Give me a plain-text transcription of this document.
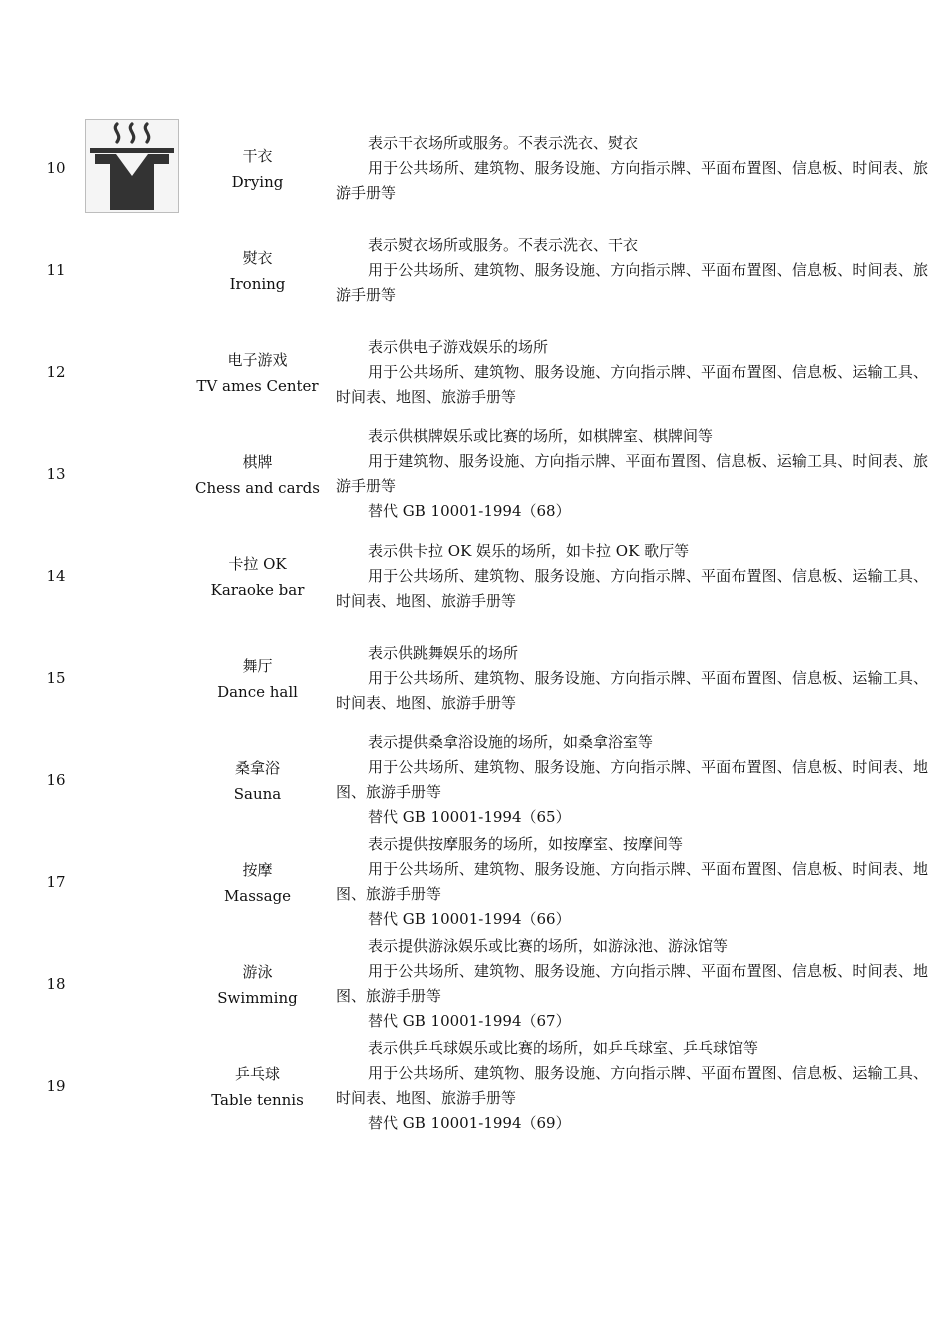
10
干衣
Drying

表示干衣场所或服务。不表示洗衣、熨衣

用于公共场所、建筑物、服务设施、方向指示牌、平面布置图、信息板、时间表、旅游手册等

11
熨衣
Ironing

表示熨衣场所或服务。不表示洗衣、干衣

用于公共场所、建筑物、服务设施、方向指示牌、平面布置图、信息板、时间表、旅游手册等

12
电子游戏
TV ames Center

表示供电子游戏娱乐的场所

用于公共场所、建筑物、服务设施、方向指示牌、平面布置图、信息板、运输工具、时间表、地图、旅游手册等

13
棋牌
Chess and cards

表示供棋牌娱乐或比赛的场所，如棋牌室、棋牌间等

用于建筑物、服务设施、方向指示牌、平面布置图、信息板、运输工具、时间表、旅游手册等

替代 GB 10001-1994（68）

14
卡拉 OK
Karaoke bar

表示供卡拉 OK 娱乐的场所，如卡拉 OK 歌厅等

用于公共场所、建筑物、服务设施、方向指示牌、平面布置图、信息板、运输工具、时间表、地图、旅游手册等

15
舞厅
Dance hall

表示供跳舞娱乐的场所

用于公共场所、建筑物、服务设施、方向指示牌、平面布置图、信息板、运输工具、时间表、地图、旅游手册等

16
桑拿浴
Sauna

表示提供桑拿浴设施的场所，如桑拿浴室等

用于公共场所、建筑物、服务设施、方向指示牌、平面布置图、信息板、时间表、地图、旅游手册等

替代 GB 10001-1994（65）

17
按摩
Massage

表示提供按摩服务的场所，如按摩室、按摩间等

用于公共场所、建筑物、服务设施、方向指示牌、平面布置图、信息板、时间表、地图、旅游手册等

替代 GB 10001-1994（66）

18
游泳
Swimming

表示提供游泳娱乐或比赛的场所，如游泳池、游泳馆等

用于公共场所、建筑物、服务设施、方向指示牌、平面布置图、信息板、时间表、地图、旅游手册等

替代 GB 10001-1994（67）

19
乒乓球
Table tennis

表示供乒乓球娱乐或比赛的场所，如乒乓球室、乒乓球馆等

用于公共场所、建筑物、服务设施、方向指示牌、平面布置图、信息板、运输工具、时间表、地图、旅游手册等

替代 GB 10001-1994（69）
